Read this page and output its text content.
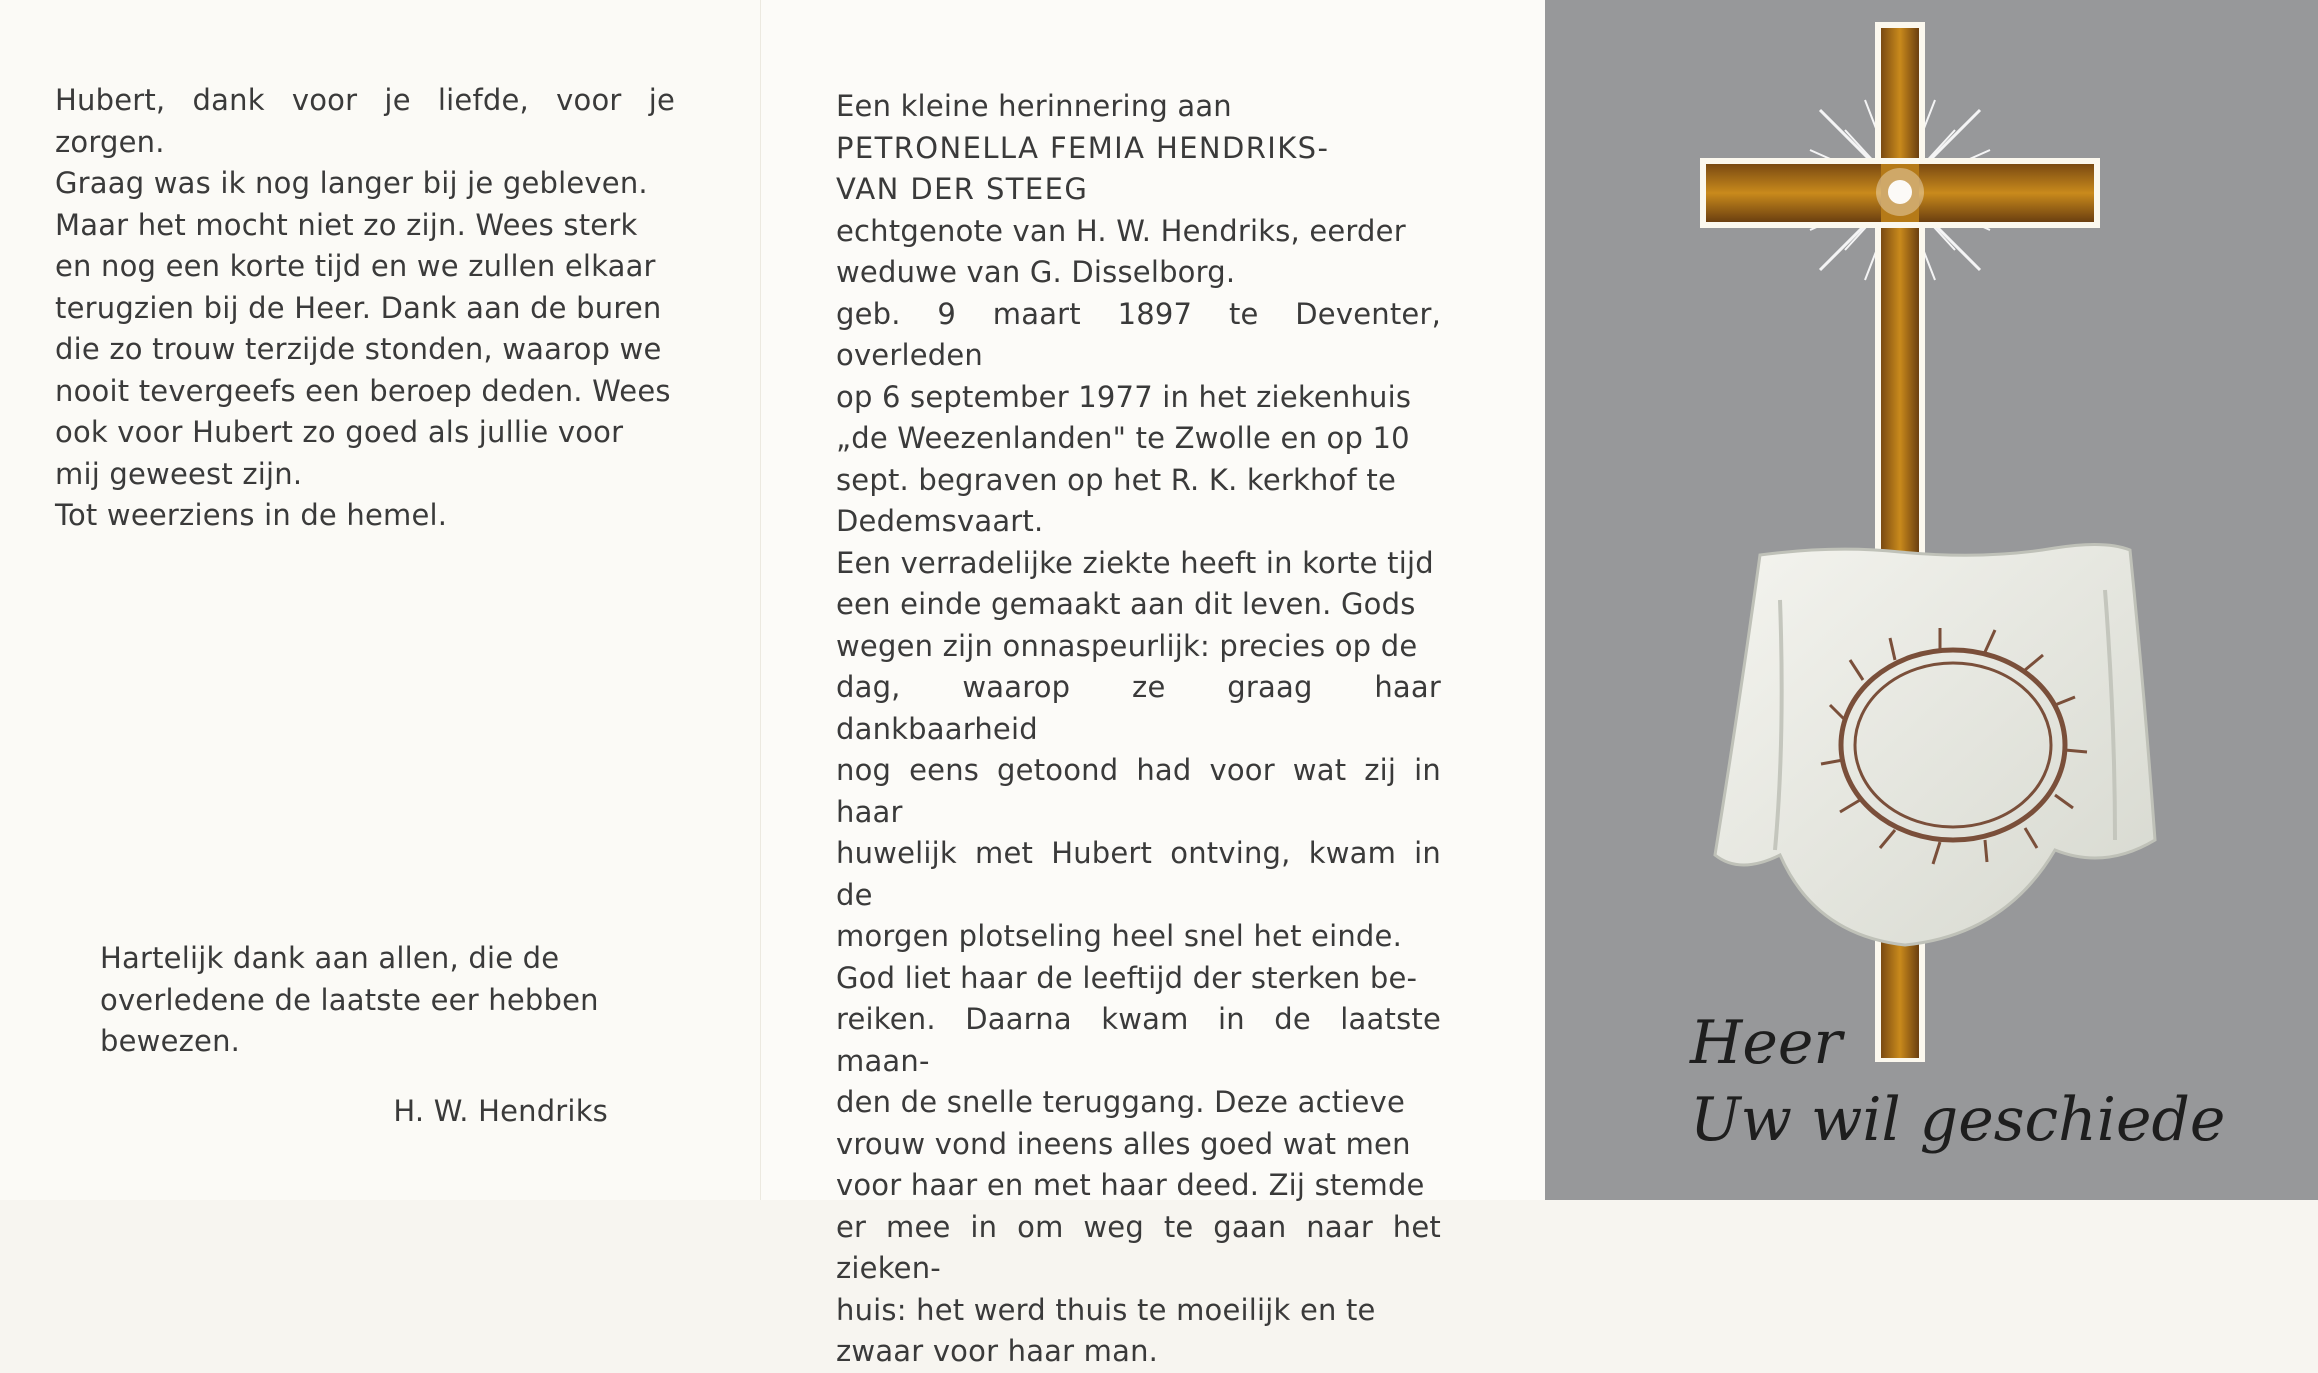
Hubert, dank voor je liefde, voor je zorgen.

Graag was ik nog langer bij je gebleven.

Maar het mocht niet zo zijn. Wees sterk

en nog een korte tijd en we zullen elkaar

terugzien bij de Heer. Dank aan de buren

die zo trouw terzijde stonden, waarop we

nooit tevergeefs een beroep deden. Wees

ook voor Hubert zo goed als jullie voor

mij geweest zijn.

Tot weerziens in de hemel.

Hartelijk dank aan allen, die de

overledene de laatste eer hebben

bewezen.

H. W. Hendriks

Een kleine herinnering aan

PETRONELLA FEMIA HENDRIKS-

VAN DER STEEG

echtgenote van H. W. Hendriks, eerder

weduwe van G. Disselborg.

geb. 9 maart 1897 te Deventer, overleden

op 6 september 1977 in het ziekenhuis

„de Weezenlanden" te Zwolle en op 10

sept. begraven op het R. K. kerkhof te

Dedemsvaart.

Een verradelijke ziekte heeft in korte tijd

een einde gemaakt aan dit leven. Gods

wegen zijn onnaspeurlijk: precies op de

dag, waarop ze graag haar dankbaarheid

nog eens getoond had voor wat zij in haar

huwelijk met Hubert ontving, kwam in de

morgen plotseling heel snel het einde.

God liet haar de leeftijd der sterken be-

reiken. Daarna kwam in de laatste maan-

den de snelle teruggang. Deze actieve

vrouw vond ineens alles goed wat men

voor haar en met haar deed. Zij stemde

er mee in om weg te gaan naar het zieken-

huis: het werd thuis te moeilijk en te

zwaar voor haar man.

Heer
Uw wil geschiede
